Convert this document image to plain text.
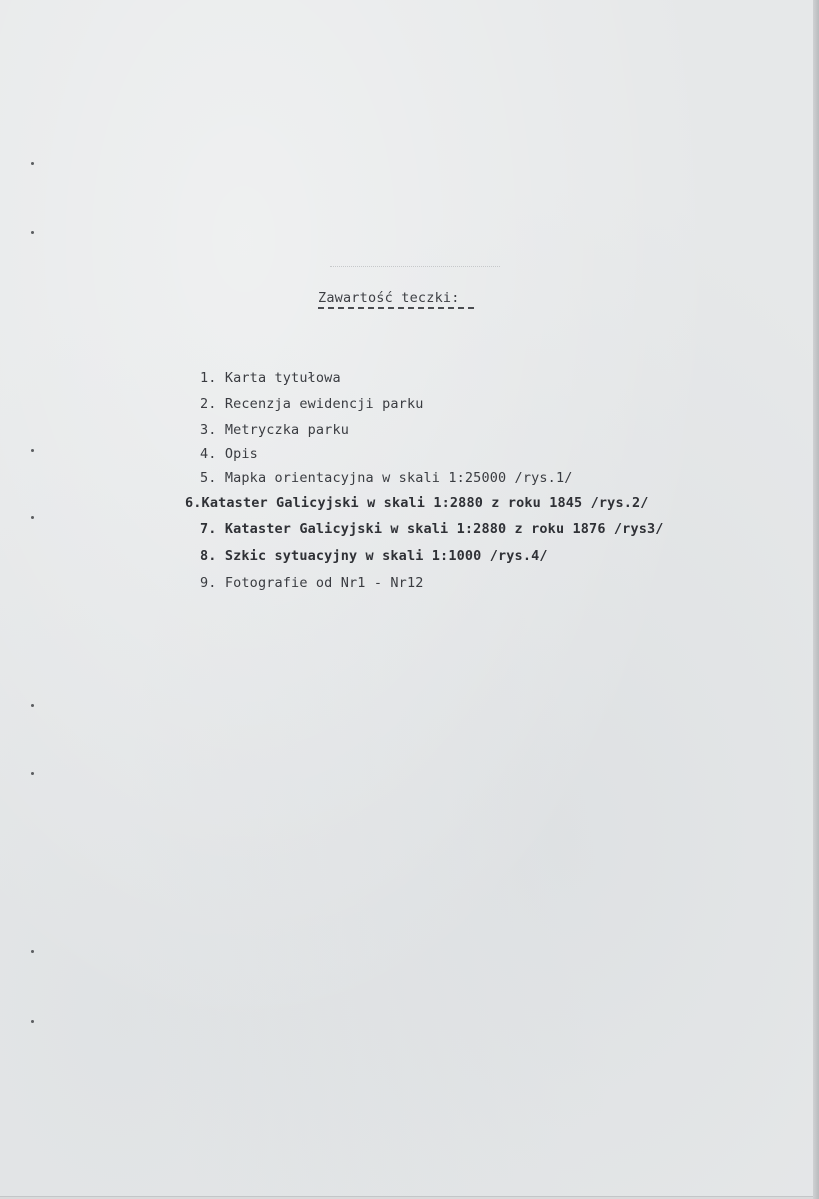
Zawartość teczki:
1. Karta tytułowa
2. Recenzja ewidencji parku
3. Metryczka parku
4. Opis
5. Mapka orientacyjna w skali 1:25000 /rys.1/
6.Kataster Galicyjski w skali 1:2880 z roku 1845 /rys.2/
7. Kataster Galicyjski w skali 1:2880 z roku 1876 /rys3/
8. Szkic sytuacyjny w skali 1:1000 /rys.4/
9. Fotografie od Nr1 - Nr12
